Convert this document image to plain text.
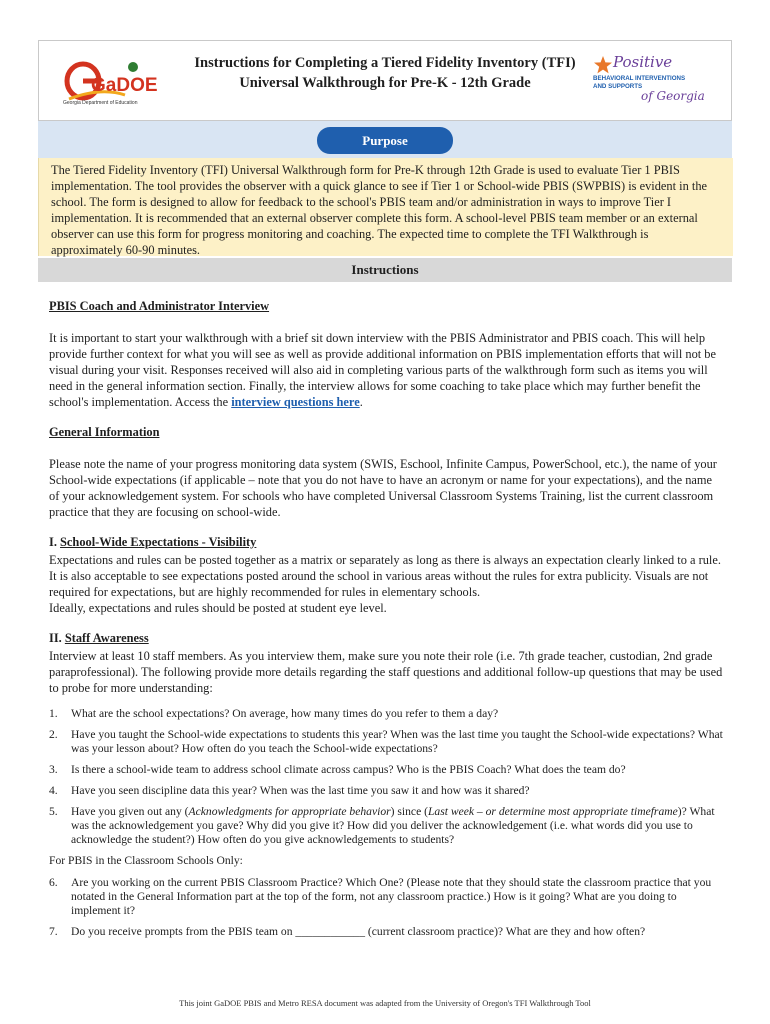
GaDOE
Georgia Department of Education
Instructions for Completing a Tiered Fidelity Inventory (TFI)
Universal Walkthrough for Pre-K - 12th Grade
Positive
BEHAVIORAL INTERVENTIONS
AND SUPPORTS
of Georgia
Purpose
The Tiered Fidelity Inventory (TFI) Universal Walkthrough form for Pre-K through 12th Grade is used to evaluate Tier 1 PBIS implementation. The tool provides the observer with a quick glance to see if Tier 1 or School-wide PBIS (SWPBIS) is evident in the school. The form is designed to allow for feedback to the school's PBIS team and/or administration in ways to improve Tier I implementation. It is recommended that an external observer complete this form. A school-level PBIS team member or an external observer can use this form for progress monitoring and coaching. The expected time to complete the TFI Walkthrough is approximately 60-90 minutes.
Instructions

PBIS Coach and Administrator Interview

It is important to start your walkthrough with a brief sit down interview with the PBIS Administrator and PBIS coach. This will help provide further context for what you will see as well as provide additional information on PBIS implementation efforts that will not be visual during your visit. Responses received will also aid in completing various parts of the walkthrough form such as items you will need in the general information section. Finally, the interview allows for some coaching to take place which may further benefit the school's implementation. Access the interview questions here.

General Information

Please note the name of your progress monitoring data system (SWIS, Eschool, Infinite Campus, PowerSchool, etc.), the name of your School-wide expectations (if applicable – note that you do not have to have an acronym or name for your expectations), and the name of your acknowledgement system. For schools who have completed Universal Classroom Systems Training, list the current classroom practice that they are focusing on school-wide.

I. School-Wide Expectations - Visibility

Expectations and rules can be posted together as a matrix or separately as long as there is always an expectation clearly linked to a rule. It is also acceptable to see expectations posted around the school in various areas without the rules for extra publicity. Visuals are not required for expectations, but are highly recommended for rules in elementary schools.

Ideally, expectations and rules should be posted at student eye level.

II. Staff Awareness

Interview at least 10 staff members. As you interview them, make sure you note their role (i.e. 7th grade teacher, custodian, 2nd grade paraprofessional). The following provide more details regarding the staff questions and additional follow-up questions that may be used to probe for more understanding:

1. What are the school expectations? On average, how many times do you refer to them a day?
2. Have you taught the School-wide expectations to students this year? When was the last time you taught the School-wide expectations? What was your lesson about? How often do you teach the School-wide expectations?
3. Is there a school-wide team to address school climate across campus? Who is the PBIS Coach? What does the team do?
4. Have you seen discipline data this year? When was the last time you saw it and how was it shared?
5. Have you given out any (Acknowledgments for appropriate behavior) since (Last week – or determine most appropriate timeframe)? What was the acknowledgement you gave? Why did you give it? How did you deliver the acknowledgement (i.e. what words did you use to acknowledge the student?) How often do you give acknowledgements to students?
For PBIS in the Classroom Schools Only:
6. Are you working on the current PBIS Classroom Practice? Which One? (Please note that they should state the classroom practice that you notated in the General Information part at the top of the form, not any classroom practice.) How is it going? What are you doing to implement it?
7. Do you receive prompts from the PBIS team on ____________ (current classroom practice)? What are they and how often?
This joint GaDOE PBIS and Metro RESA document was adapted from the University of Oregon's TFI Walkthrough Tool
